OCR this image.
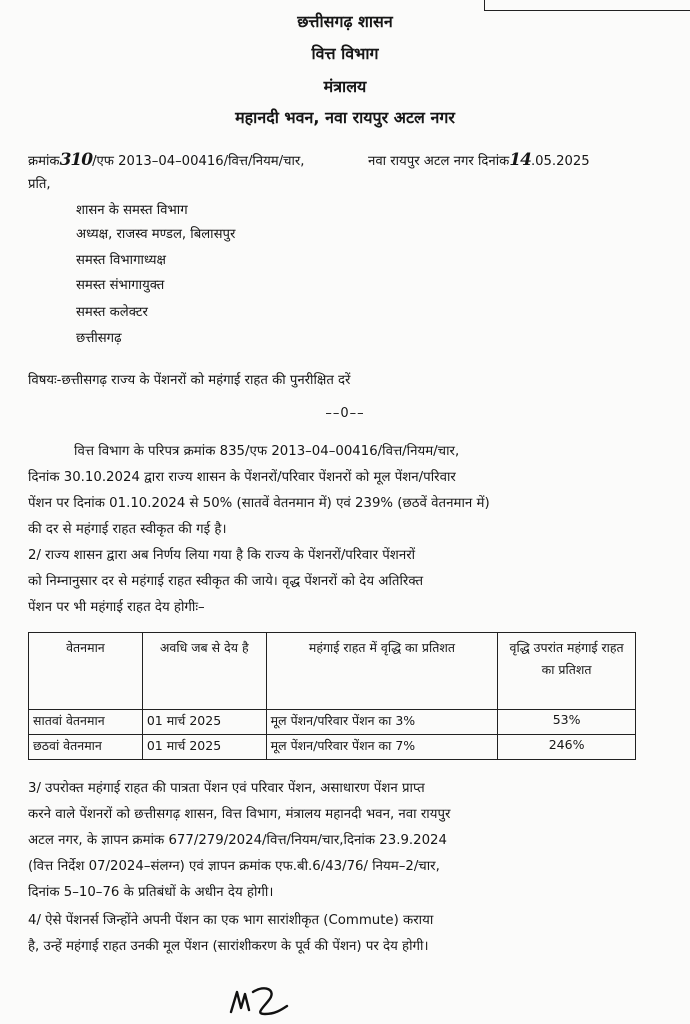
छत्तीसगढ़ शासन
वित्त विभाग
मंत्रालय
महानदी भवन, नवा रायपुर अटल नगर
क्रमांक310/एफ 2013–04–00416/वित्त/नियम/चार,	नवा रायपुर अटल नगर दिनांक14.05.2025
प्रति,
शासन के समस्त विभाग
अध्यक्ष, राजस्व मण्डल, बिलासपुर
समस्त विभागाध्यक्ष
समस्त संभागायुक्त
समस्त कलेक्टर
छत्तीसगढ़
विषयः-छत्तीसगढ़ राज्य के पेंशनरों को महंगाई राहत की पुनरीक्षित दरें
––0––
वित्त विभाग के परिपत्र क्रमांक 835/एफ 2013–04–00416/वित्त/नियम/चार,
दिनांक 30.10.2024 द्वारा राज्य शासन के पेंशनरों/परिवार पेंशनरों को मूल पेंशन/परिवार
पेंशन पर दिनांक 01.10.2024 से 50% (सातवें वेतनमान में) एवं 239% (छठवें वेतनमान में)
की दर से महंगाई राहत स्वीकृत की गई है।
2/ राज्य शासन द्वारा अब निर्णय लिया गया है कि राज्य के पेंशनरों/परिवार पेंशनरों
को निम्नानुसार दर से महंगाई राहत स्वीकृत की जाये। वृद्ध पेंशनरों को देय अतिरिक्त
पेंशन पर भी महंगाई राहत देय होगीः–
वेतनमान	अवधि जब से देय है	महंगाई राहत में वृद्धि का प्रतिशत	वृद्धि उपरांत महंगाई राहत का प्रतिशत
सातवां वेतनमान	01 मार्च 2025	मूल पेंशन/परिवार पेंशन का 3%	53%
छठवां वेतनमान	01 मार्च 2025	मूल पेंशन/परिवार पेंशन का 7%	246%
3/ उपरोक्त महंगाई राहत की पात्रता पेंशन एवं परिवार पेंशन, असाधारण पेंशन प्राप्त
करने वाले पेंशनरों को छत्तीसगढ़ शासन, वित्त विभाग, मंत्रालय महानदी भवन, नवा रायपुर
अटल नगर, के ज्ञापन क्रमांक 677/279/2024/वित्त/नियम/चार,दिनांक 23.9.2024
(वित्त निर्देश 07/2024–संलग्न) एवं ज्ञापन क्रमांक एफ.बी.6/43/76/ नियम–2/चार,
दिनांक 5–10–76 के प्रतिबंधों के अधीन देय होगी।
4/ ऐसे पेंशनर्स जिन्होंने अपनी पेंशन का एक भाग सारांशीकृत (Commute) कराया
है, उन्हें महंगाई राहत उनकी मूल पेंशन (सारांशीकरण के पूर्व की पेंशन) पर देय होगी।
